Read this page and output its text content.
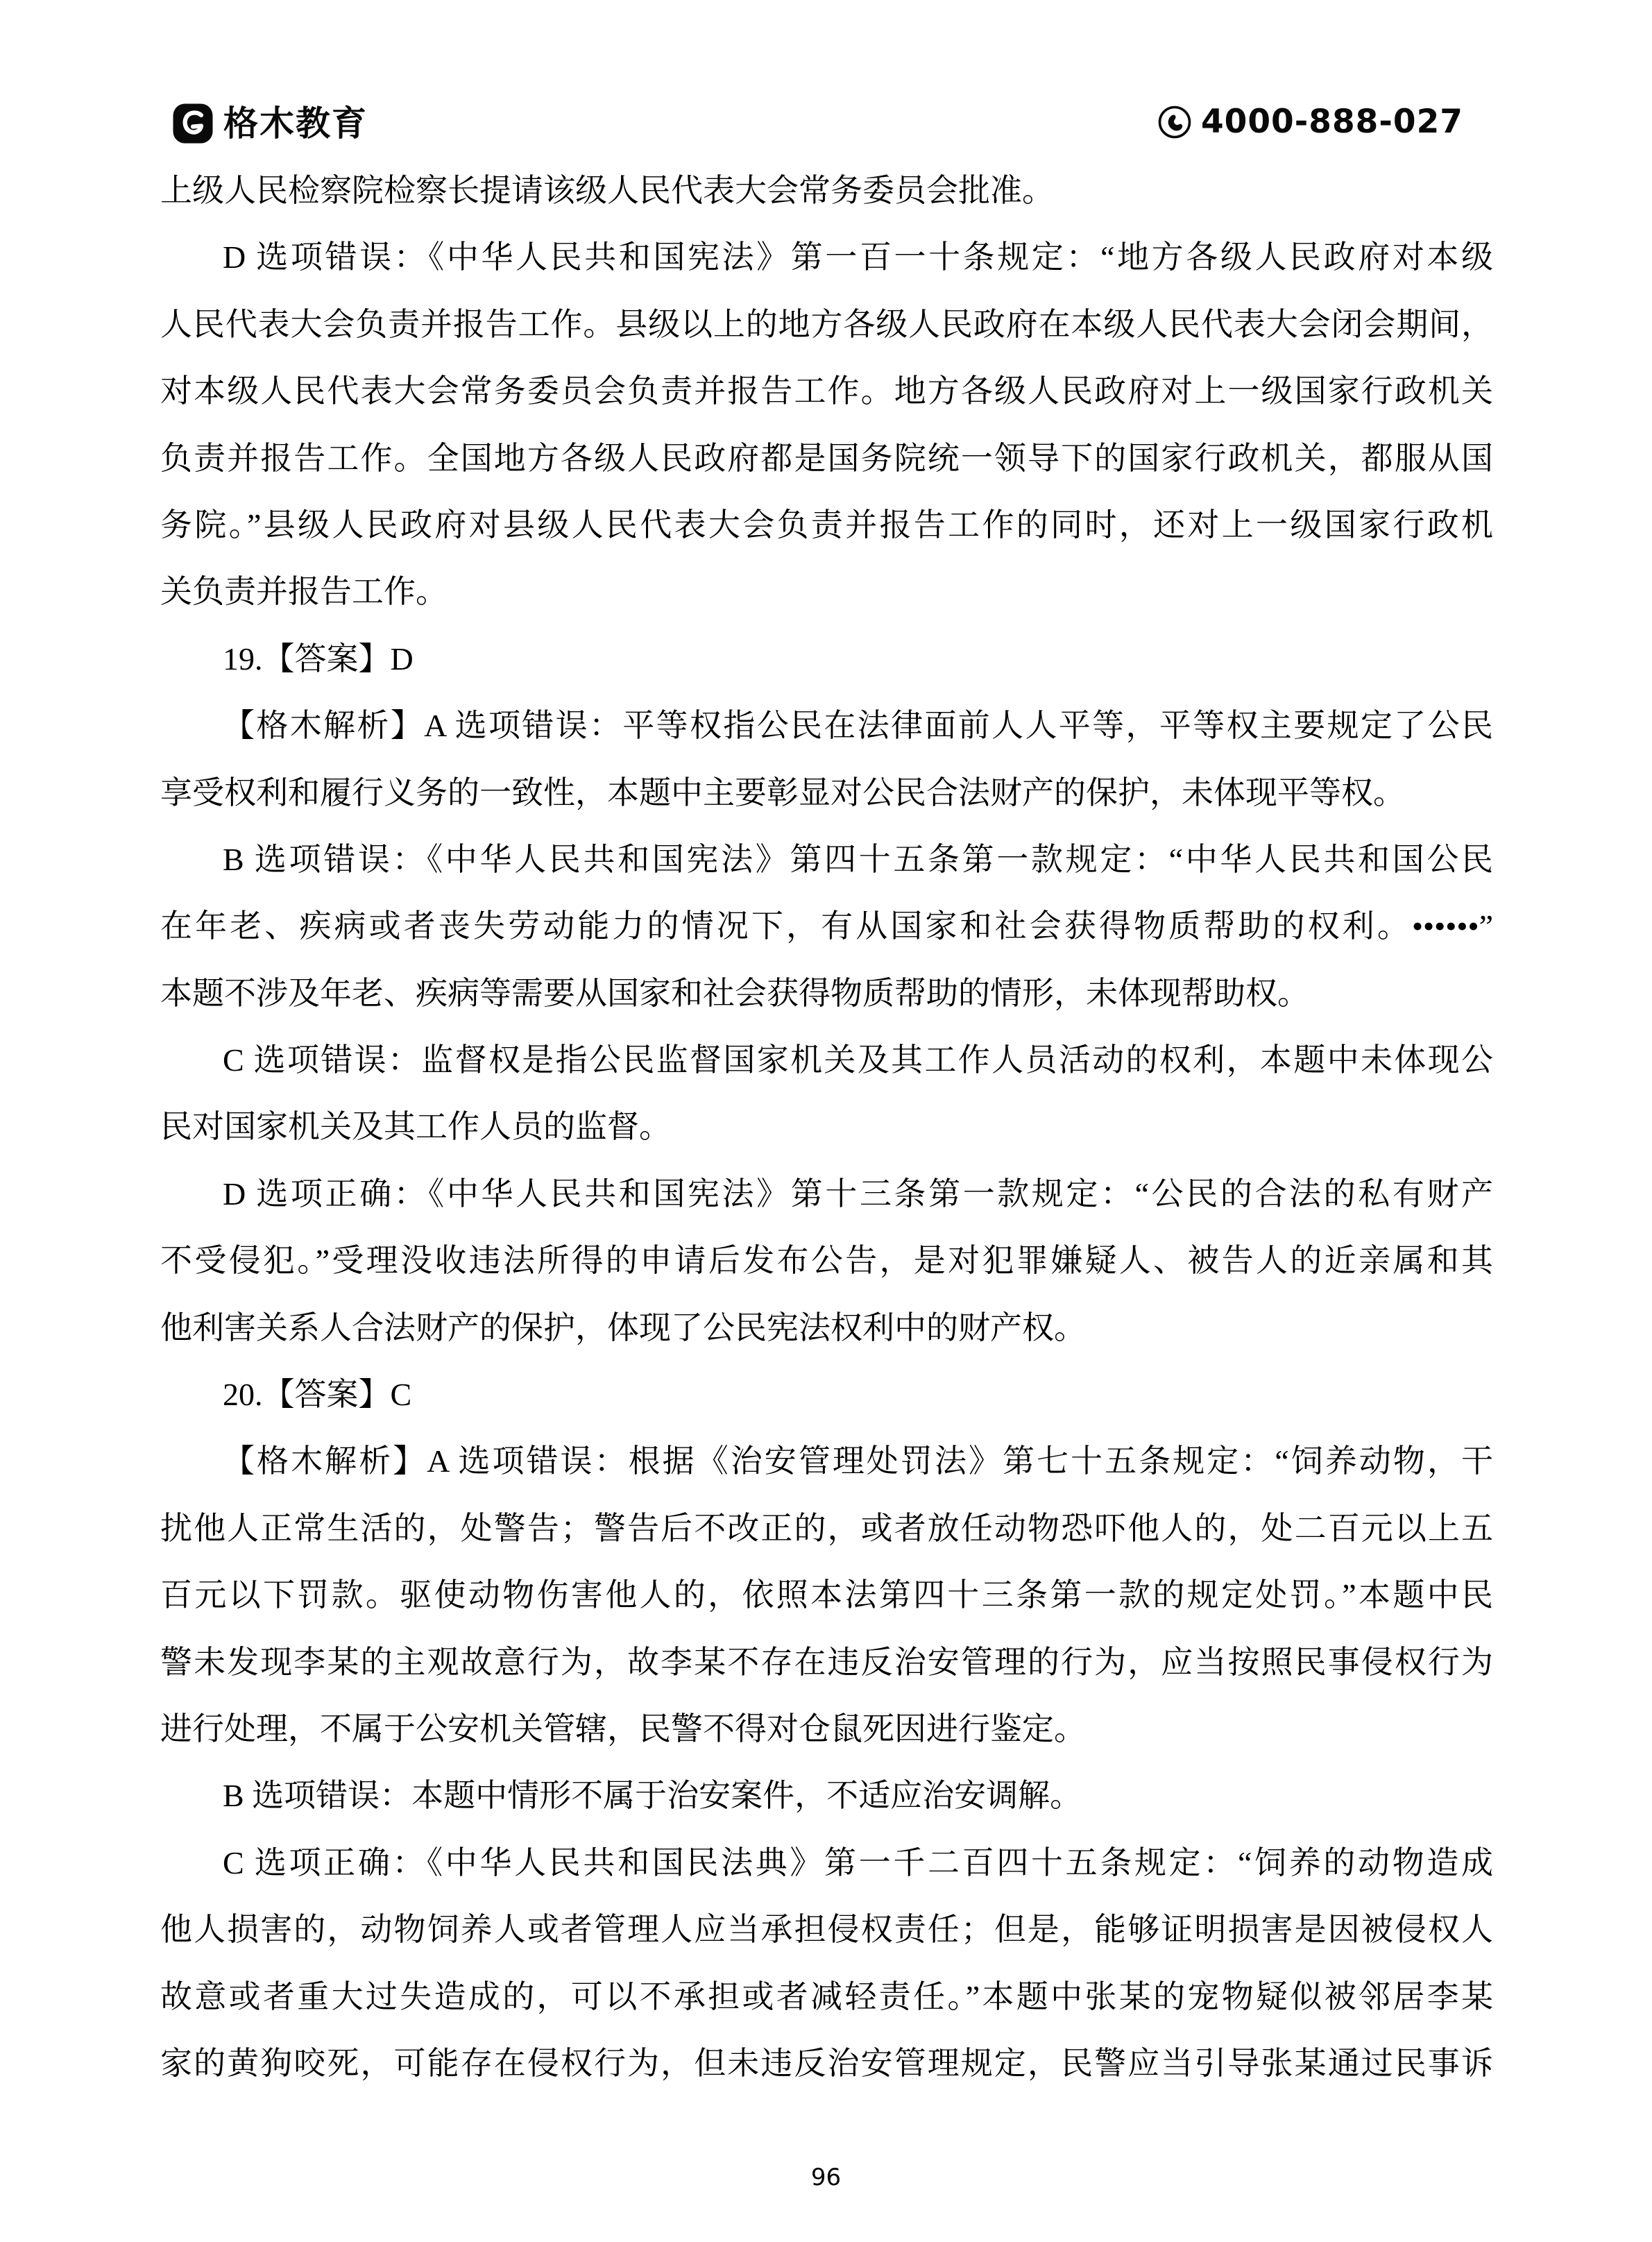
格木教育	4000-888-027
上级人民检察院检察长提请该级人民代表大会常务委员会批准。
D 选项错误：《中华人民共和国宪法》第一百一十条规定：“地方各级人民政府对本级
人民代表大会负责并报告工作。县级以上的地方各级人民政府在本级人民代表大会闭会期间，
对本级人民代表大会常务委员会负责并报告工作。地方各级人民政府对上一级国家行政机关
负责并报告工作。全国地方各级人民政府都是国务院统一领导下的国家行政机关，都服从国
务院。”县级人民政府对县级人民代表大会负责并报告工作的同时，还对上一级国家行政机
关负责并报告工作。
19.【答案】D
【格木解析】A 选项错误：平等权指公民在法律面前人人平等，平等权主要规定了公民
享受权利和履行义务的一致性，本题中主要彰显对公民合法财产的保护，未体现平等权。
B 选项错误：《中华人民共和国宪法》第四十五条第一款规定：“中华人民共和国公民
在年老、疾病或者丧失劳动能力的情况下，有从国家和社会获得物质帮助的权利。•••••​•”
本题不涉及年老、疾病等需要从国家和社会获得物质帮助的情形，未体现帮助权。
C 选项错误：监督权是指公民监督国家机关及其工作人员活动的权利，本题中未体现公
民对国家机关及其工作人员的监督。
D 选项正确：《中华人民共和国宪法》第十三条第一款规定：“公民的合法的私有财产
不受侵犯。”受理没收违法所得的申请后发布公告，是对犯罪嫌疑人、被告人的近亲属和其
他利害关系人合法财产的保护，体现了公民宪法权利中的财产权。
20.【答案】C
【格木解析】A 选项错误：根据《治安管理处罚法》第七十五条规定：“饲养动物，干
扰他人正常生活的，处警告；警告后不改正的，或者放任动物恐吓他人的，处二百元以上五
百元以下罚款。驱使动物伤害他人的，依照本法第四十三条第一款的规定处罚。”本题中民
警未发现李某的主观故意行为，故李某不存在违反治安管理的行为，应当按照民事侵权行为
进行处理，不属于公安机关管辖，民警不得对仓鼠死因进行鉴定。
B 选项错误：本题中情形不属于治安案件，不适应治安调解。
C 选项正确：《中华人民共和国民法典》第一千二百四十五条规定：“饲养的动物造成
他人损害的，动物饲养人或者管理人应当承担侵权责任；但是，能够证明损害是因被侵权人
故意或者重大过失造成的，可以不承担或者减轻责任。”本题中张某的宠物疑似被邻居李某
家的黄狗咬死，可能存在侵权行为，但未违反治安管理规定，民警应当引导张某通过民事诉
96
